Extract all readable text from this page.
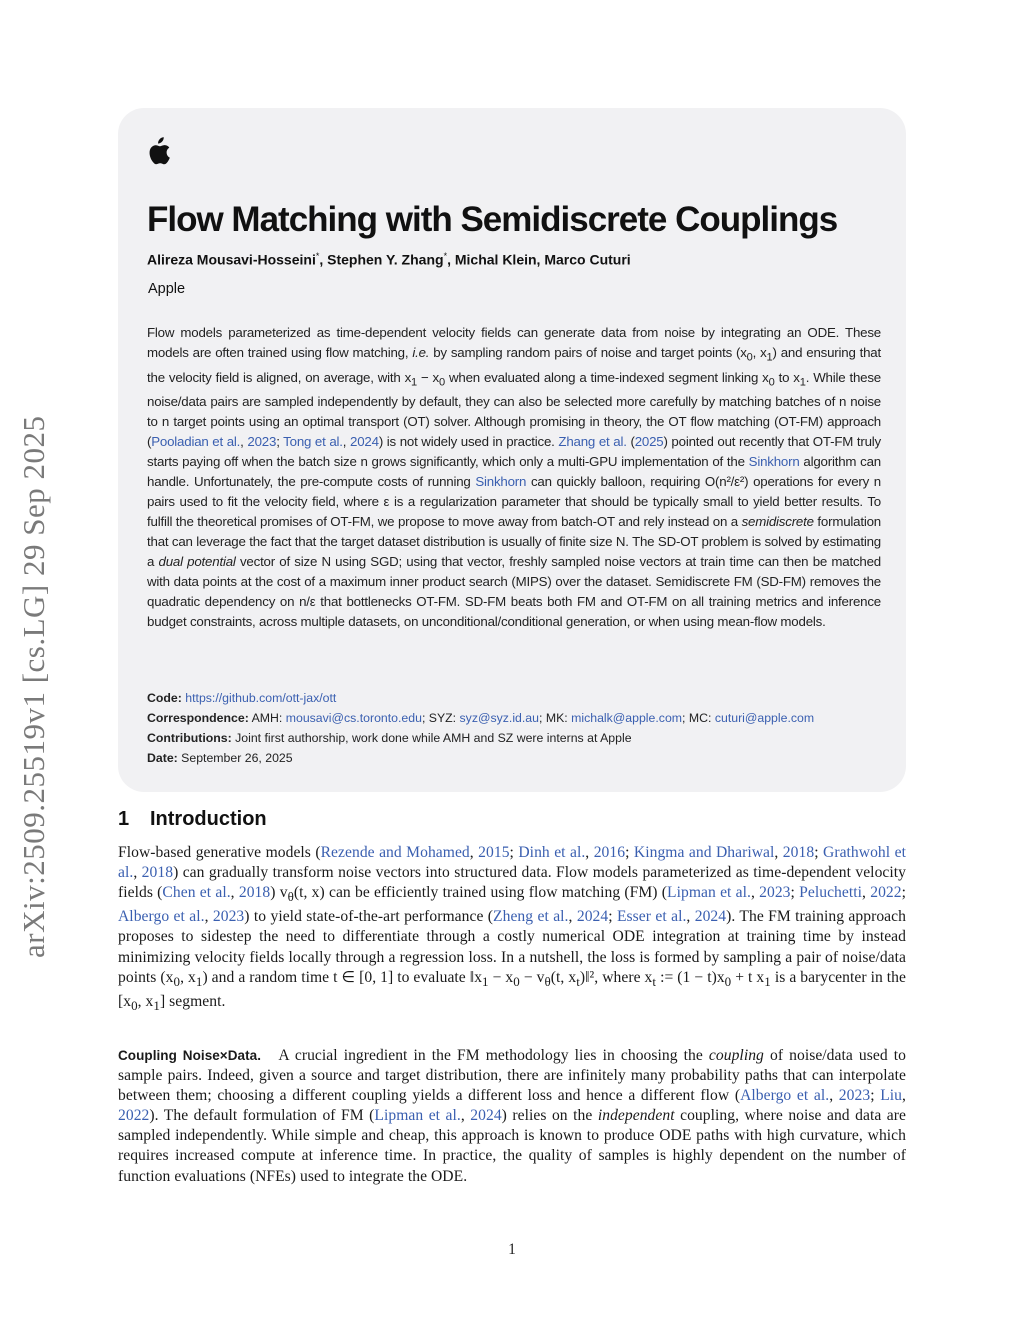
arXiv:2509.25519v1 [cs.LG] 29 Sep 2025
Flow Matching with Semidiscrete Couplings
Alireza Mousavi-Hosseini*, Stephen Y. Zhang*, Michal Klein, Marco Cuturi
Apple
Flow models parameterized as time-dependent velocity fields can generate data from noise by integrating an ODE. These models are often trained using flow matching, i.e. by sampling random pairs of noise and target points ($x_0$, $x_1$) and ensuring that the velocity field is aligned, on average, with $x_1 - x_0$ when evaluated along a time-indexed segment linking $x_0$ to $x_1$. While these noise/data pairs are sampled independently by default, they can also be selected more carefully by matching batches of n noise to n target points using an optimal transport (OT) solver. Although promising in theory, the OT flow matching (OT-FM) approach (Pooladian et al., 2023; Tong et al., 2024) is not widely used in practice. Zhang et al. (2025) pointed out recently that OT-FM truly starts paying off when the batch size n grows significantly, which only a multi-GPU implementation of the Sinkhorn algorithm can handle. Unfortunately, the pre-compute costs of running Sinkhorn can quickly balloon, requiring O(n²/ε²) operations for every n pairs used to fit the velocity field, where ε is a regularization parameter that should be typically small to yield better results. To fulfill the theoretical promises of OT-FM, we propose to move away from batch-OT and rely instead on a semidiscrete formulation that can leverage the fact that the target dataset distribution is usually of finite size N. The SD-OT problem is solved by estimating a dual potential vector of size N using SGD; using that vector, freshly sampled noise vectors at train time can then be matched with data points at the cost of a maximum inner product search (MIPS) over the dataset. Semidiscrete FM (SD-FM) removes the quadratic dependency on n/ε that bottlenecks OT-FM. SD-FM beats both FM and OT-FM on all training metrics and inference budget constraints, across multiple datasets, on unconditional/conditional generation, or when using mean-flow models.
Code: https://github.com/ott-jax/ott
Correspondence: AMH: mousavi@cs.toronto.edu; SYZ: syz@syz.id.au; MK: michalk@apple.com; MC: cuturi@apple.com
Contributions: Joint first authorship, work done while AMH and SZ were interns at Apple
Date: September 26, 2025
1 Introduction
Flow-based generative models (Rezende and Mohamed, 2015; Dinh et al., 2016; Kingma and Dhariwal, 2018; Grathwohl et al., 2018) can gradually transform noise vectors into structured data. Flow models parameterized as time-dependent velocity fields (Chen et al., 2018) $v_\theta(t$, x) can be efficiently trained using flow matching (FM) (Lipman et al., 2023; Peluchetti, 2022; Albergo et al., 2023) to yield state-of-the-art performance (Zheng et al., 2024; Esser et al., 2024). The FM training approach proposes to sidestep the need to differentiate through a costly numerical ODE integration at training time by instead minimizing velocity fields locally through a regression loss. In a nutshell, the loss is formed by sampling a pair of noise/data points ($x_0$, $x_1$) and a random time t ∈ [0, 1] to evaluate $‖x_1 - x_0 - v_\theta(t$, $x_t)‖^2$, where $x_t$ := $(1 - t)x_0 + t$ $x_1$ is a barycenter in the [$x_0$, $x_1$] segment.
Coupling Noise×Data. A crucial ingredient in the FM methodology lies in choosing the coupling of noise/data used to sample pairs. Indeed, given a source and target distribution, there are infinitely many probability paths that can interpolate between them; choosing a different coupling yields a different loss and hence a different flow (Albergo et al., 2023; Liu, 2022). The default formulation of FM (Lipman et al., 2024) relies on the independent coupling, where noise and data are sampled independently. While simple and cheap, this approach is known to produce ODE paths with high curvature, which requires increased compute at inference time. In practice, the quality of samples is highly dependent on the number of function evaluations (NFEs) used to integrate the ODE.
1
